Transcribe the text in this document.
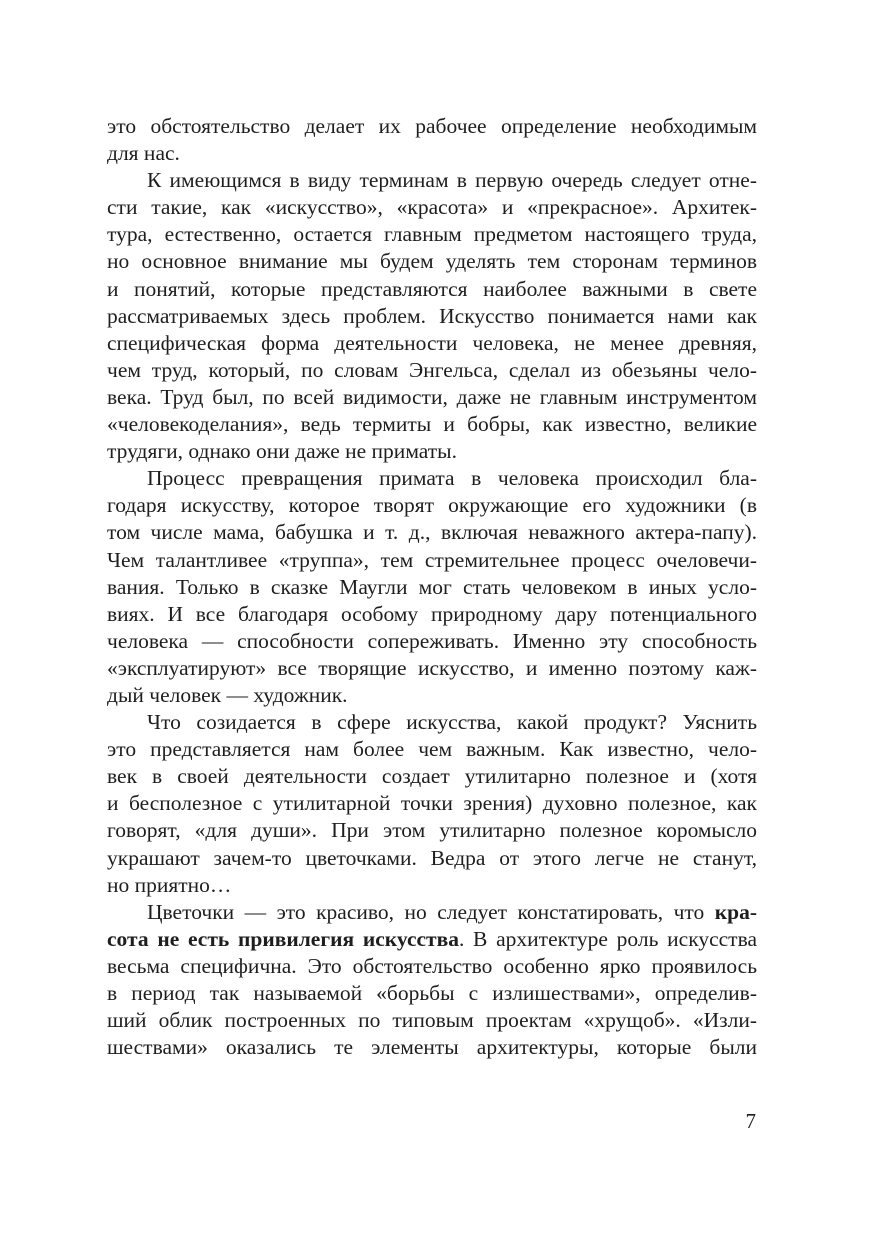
это обстоятельство делает их рабочее определение необходимым
для нас.
К имеющимся в виду терминам в первую очередь следует отне-
сти такие, как «искусство», «красота» и «прекрасное». Архитек-
тура, естественно, остается главным предметом настоящего труда,
но основное внимание мы будем уделять тем сторонам терминов
и понятий, которые представляются наиболее важными в свете
рассматриваемых здесь проблем. Искусство понимается нами как
специфическая форма деятельности человека, не менее древняя,
чем труд, который, по словам Энгельса, сделал из обезьяны чело-
века. Труд был, по всей видимости, даже не главным инструментом
«человекоделания», ведь термиты и бобры, как известно, великие
трудяги, однако они даже не приматы.
Процесс превращения примата в человека происходил бла-
годаря искусству, которое творят окружающие его художники (в
том числе мама, бабушка и т. д., включая неважного актера-папу).
Чем талантливее «труппа», тем стремительнее процесс очеловечи-
вания. Только в сказке Маугли мог стать человеком в иных усло-
виях. И все благодаря особому природному дару потенциального
человека — способности сопереживать. Именно эту способность
«эксплуатируют» все творящие искусство, и именно поэтому каж-
дый человек — художник.
Что созидается в сфере искусства, какой продукт? Уяснить
это представляется нам более чем важным. Как известно, чело-
век в своей деятельности создает утилитарно полезное и (хотя
и бесполезное с утилитарной точки зрения) духовно полезное, как
говорят, «для души». При этом утилитарно полезное коромысло
украшают зачем-то цветочками. Ведра от этого легче не станут,
но приятно…
Цветочки — это красиво, но следует констатировать, что кра-
сота не есть привилегия искусства. В архитектуре роль искусства
весьма специфична. Это обстоятельство особенно ярко проявилось
в период так называемой «борьбы с излишествами», определив-
ший облик построенных по типовым проектам «хрущоб». «Изли-
шествами» оказались те элементы архитектуры, которые были
7
